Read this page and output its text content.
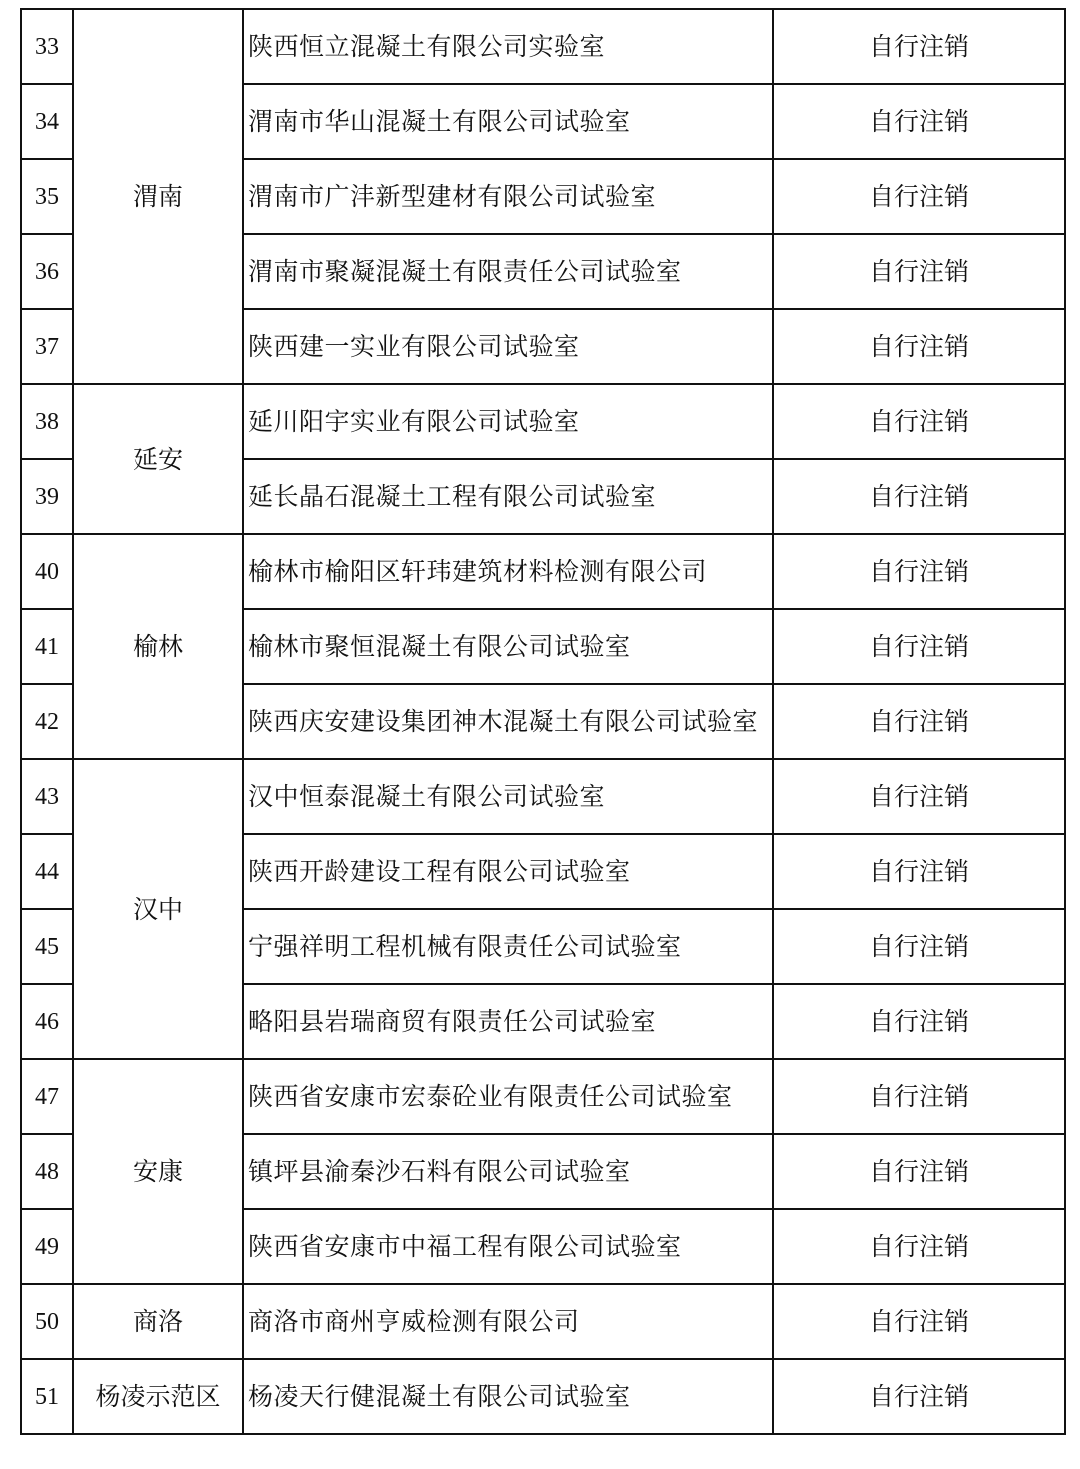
33	渭南	陕西恒立混凝土有限公司实验室	自行注销
34		渭南市华山混凝土有限公司试验室	自行注销
35		渭南市广沣新型建材有限公司试验室	自行注销
36		渭南市聚凝混凝土有限责任公司试验室	自行注销
37		陕西建一实业有限公司试验室	自行注销
38	延安	延川阳宇实业有限公司试验室	自行注销
39		延长晶石混凝土工程有限公司试验室	自行注销
40	榆林	榆林市榆阳区轩玮建筑材料检测有限公司	自行注销
41		榆林市聚恒混凝土有限公司试验室	自行注销
42		陕西庆安建设集团神木混凝土有限公司试验室	自行注销
43	汉中	汉中恒泰混凝土有限公司试验室	自行注销
44		陕西开龄建设工程有限公司试验室	自行注销
45		宁强祥明工程机械有限责任公司试验室	自行注销
46		略阳县岩瑞商贸有限责任公司试验室	自行注销
47	安康	陕西省安康市宏泰砼业有限责任公司试验室	自行注销
48		镇坪县渝秦沙石料有限公司试验室	自行注销
49		陕西省安康市中福工程有限公司试验室	自行注销
50	商洛	商洛市商州亨威检测有限公司	自行注销
51	杨凌示范区	杨凌天行健混凝土有限公司试验室	自行注销
